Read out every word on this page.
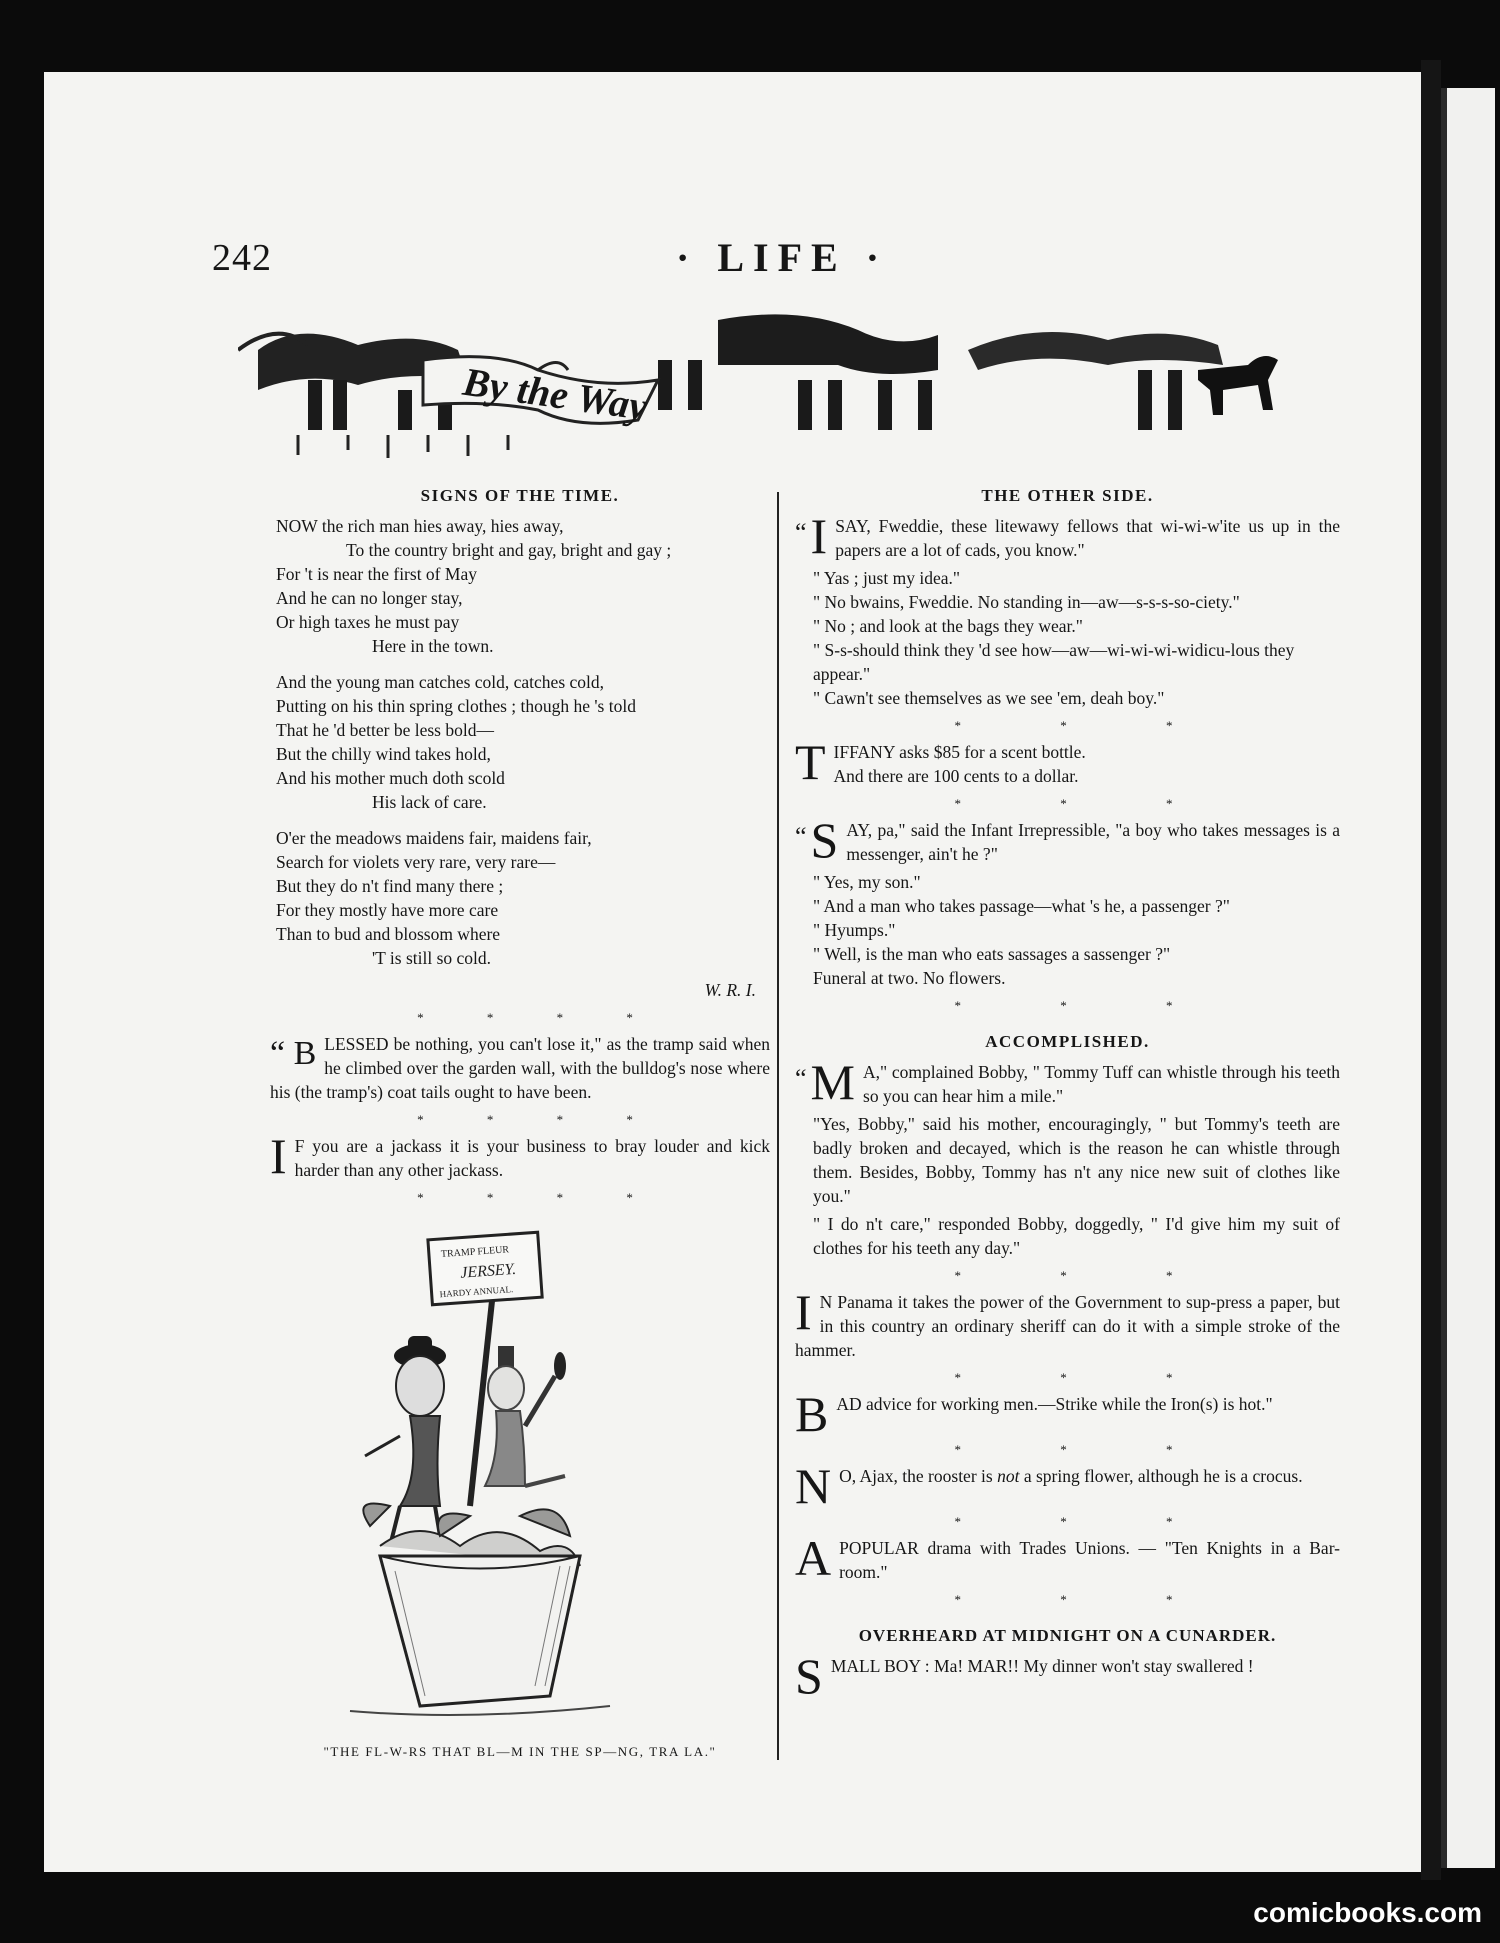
242	· LIFE ·
By the Way
SIGNS OF THE TIME.
NOW the rich man hies away, hies away,
To the country bright and gay, bright and gay ;
For 't is near the first of May
And he can no longer stay,
Or high taxes he must pay
Here in the town.
And the young man catches cold, catches cold,
Putting on his thin spring clothes ; though he 's told
That he 'd better be less bold—
But the chilly wind takes hold,
And his mother much doth scold
His lack of care.
O'er the meadows maidens fair, maidens fair,
Search for violets very rare, very rare—
But they do n't find many there ;
For they mostly have more care
Than to bud and blossom where
'T is still so cold.
W. R. I.
* * * *
“ B LESSED be nothing, you can't lose it," as the tramp said when he climbed over the garden wall, with the bulldog's nose where his (the tramp's) coat tails ought to have been.
* * * *
I F you are a jackass it is your business to bray louder and kick harder than any other jackass.
* * * *
TRAMP FLEUR
JERSEY.
HARDY ANNUAL.
"THE FL-W-RS THAT BL—M IN THE SP—NG, TRA LA."
THE OTHER SIDE.
“ I SAY, Fweddie, these litewawy fellows that wi-wi-w'ite us up in the papers are a lot of cads, you know."
" Yas ; just my idea."
" No bwains, Fweddie. No standing in—aw—s-s-s-so-ciety."
" No ; and look at the bags they wear."
" S-s-should think they 'd see how—aw—wi-wi-wi-widicu-lous they appear."
" Cawn't see themselves as we see 'em, deah boy."
* * *
T IFFANY asks $85 for a scent bottle.
And there are 100 cents to a dollar.
* * *
“ S AY, pa," said the Infant Irrepressible, "a boy who takes messages is a messenger, ain't he ?"
" Yes, my son."
" And a man who takes passage—what 's he, a passenger ?"
" Hyumps."
" Well, is the man who eats sassages a sassenger ?"
Funeral at two. No flowers.
* * *
ACCOMPLISHED.
“ M A," complained Bobby, " Tommy Tuff can whistle through his teeth so you can hear him a mile."
"Yes, Bobby," said his mother, encouragingly, " but Tommy's teeth are badly broken and decayed, which is the reason he can whistle through them. Besides, Bobby, Tommy has n't any nice new suit of clothes like you."
" I do n't care," responded Bobby, doggedly, " I'd give him my suit of clothes for his teeth any day."
* * *
I N Panama it takes the power of the Government to sup-press a paper, but in this country an ordinary sheriff can do it with a simple stroke of the hammer.
* * *
B AD advice for working men.—Strike while the Iron(s) is hot."
* * *
N O, Ajax, the rooster is not a spring flower, although he is a crocus.
* * *
A POPULAR drama with Trades Unions. — "Ten Knights in a Bar-room."
* * *
OVERHEARD AT MIDNIGHT ON A CUNARDER.
S MALL BOY : Ma! MAR!! My dinner won't stay swallered !
comicbooks.com
